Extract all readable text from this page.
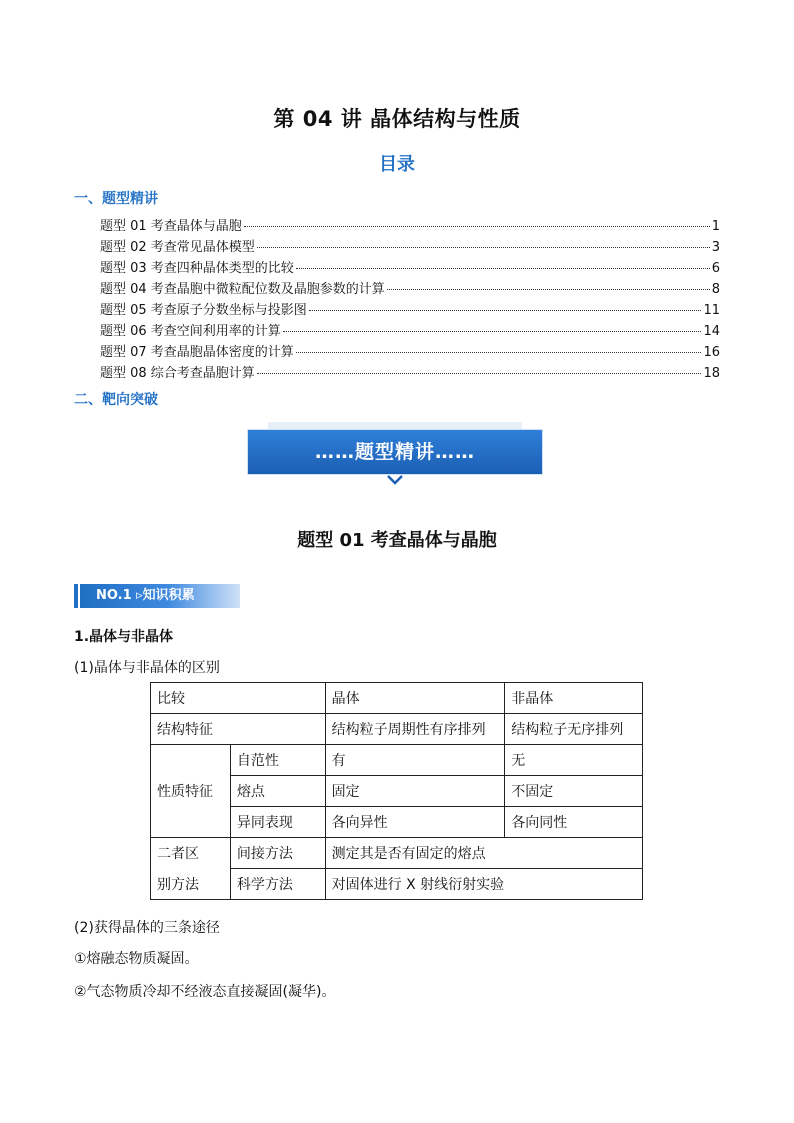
第 04 讲 晶体结构与性质
目录
一、题型精讲
题型 01 考查晶体与晶胞	1
题型 02 考查常见晶体模型	3
题型 03 考查四种晶体类型的比较	6
题型 04 考查晶胞中微粒配位数及晶胞参数的计算	8
题型 05 考查原子分数坐标与投影图	11
题型 06 考查空间利用率的计算	14
题型 07 考查晶胞晶体密度的计算	16
题型 08 综合考查晶胞计算	18
二、靶向突破
……题型精讲……
题型 01 考查晶体与晶胞
NO.1 ▹知识积累
1.晶体与非晶体
(1)晶体与非晶体的区别
比较		晶体	非晶体
结构特征		结构粒子周期性有序排列	结构粒子无序排列
性质特征	自范性	有	无
	熔点	固定	不固定
	异同表现	各向异性	各向同性
二者区	间接方法	测定其是否有固定的熔点	
别方法	科学方法	对固体进行 X 射线衍射实验	
(2)获得晶体的三条途径
①熔融态物质凝固。
②气态物质冷却不经液态直接凝固(凝华)。
